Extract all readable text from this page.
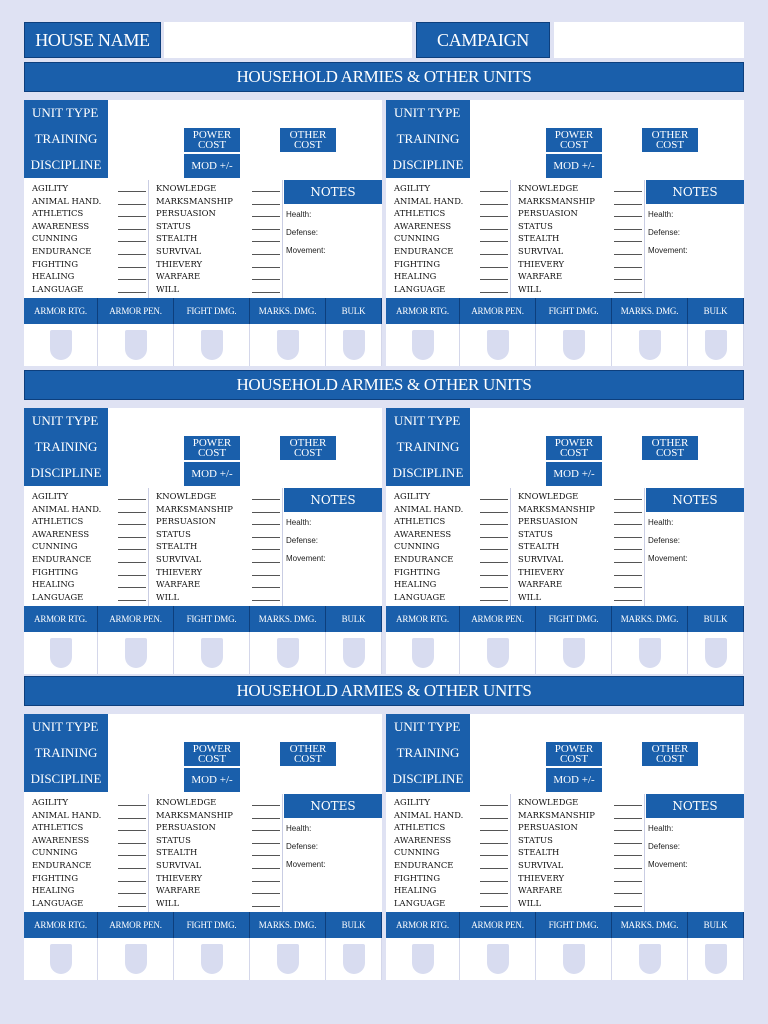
HOUSE NAME	CAMPAIGN
HOUSEHOLD ARMIES & OTHER UNITS
UNIT TYPE
TRAINING	POWER COST
OTHER COST
DISCIPLINE	MOD +/-
AGILITY
ANIMAL HAND.
ATHLETICS
AWARENESS
CUNNING
ENDURANCE
FIGHTING
HEALING
LANGUAGE
KNOWLEDGE
MARKSMANSHIP
PERSUASION
STATUS
STEALTH
SURVIVAL
THIEVERY
WARFARE
WILL
NOTES
Health:
Defense:
Movement:
ARMOR RTG.	ARMOR PEN.	FIGHT DMG.	MARKS. DMG.	BULK
UNIT TYPE
TRAINING	POWER COST
OTHER COST
DISCIPLINE	MOD +/-
AGILITY
ANIMAL HAND.
ATHLETICS
AWARENESS
CUNNING
ENDURANCE
FIGHTING
HEALING
LANGUAGE
KNOWLEDGE
MARKSMANSHIP
PERSUASION
STATUS
STEALTH
SURVIVAL
THIEVERY
WARFARE
WILL
NOTES
Health:
Defense:
Movement:
ARMOR RTG.	ARMOR PEN.	FIGHT DMG.	MARKS. DMG.	BULK
HOUSEHOLD ARMIES & OTHER UNITS
UNIT TYPE
TRAINING	POWER COST
OTHER COST
DISCIPLINE	MOD +/-
AGILITY
ANIMAL HAND.
ATHLETICS
AWARENESS
CUNNING
ENDURANCE
FIGHTING
HEALING
LANGUAGE
KNOWLEDGE
MARKSMANSHIP
PERSUASION
STATUS
STEALTH
SURVIVAL
THIEVERY
WARFARE
WILL
NOTES
Health:
Defense:
Movement:
ARMOR RTG.	ARMOR PEN.	FIGHT DMG.	MARKS. DMG.	BULK
UNIT TYPE
TRAINING	POWER COST
OTHER COST
DISCIPLINE	MOD +/-
AGILITY
ANIMAL HAND.
ATHLETICS
AWARENESS
CUNNING
ENDURANCE
FIGHTING
HEALING
LANGUAGE
KNOWLEDGE
MARKSMANSHIP
PERSUASION
STATUS
STEALTH
SURVIVAL
THIEVERY
WARFARE
WILL
NOTES
Health:
Defense:
Movement:
ARMOR RTG.	ARMOR PEN.	FIGHT DMG.	MARKS. DMG.	BULK
HOUSEHOLD ARMIES & OTHER UNITS
UNIT TYPE
TRAINING	POWER COST
OTHER COST
DISCIPLINE	MOD +/-
AGILITY
ANIMAL HAND.
ATHLETICS
AWARENESS
CUNNING
ENDURANCE
FIGHTING
HEALING
LANGUAGE
KNOWLEDGE
MARKSMANSHIP
PERSUASION
STATUS
STEALTH
SURVIVAL
THIEVERY
WARFARE
WILL
NOTES
Health:
Defense:
Movement:
ARMOR RTG.	ARMOR PEN.	FIGHT DMG.	MARKS. DMG.	BULK
UNIT TYPE
TRAINING	POWER COST
OTHER COST
DISCIPLINE	MOD +/-
AGILITY
ANIMAL HAND.
ATHLETICS
AWARENESS
CUNNING
ENDURANCE
FIGHTING
HEALING
LANGUAGE
KNOWLEDGE
MARKSMANSHIP
PERSUASION
STATUS
STEALTH
SURVIVAL
THIEVERY
WARFARE
WILL
NOTES
Health:
Defense:
Movement:
ARMOR RTG.	ARMOR PEN.	FIGHT DMG.	MARKS. DMG.	BULK
